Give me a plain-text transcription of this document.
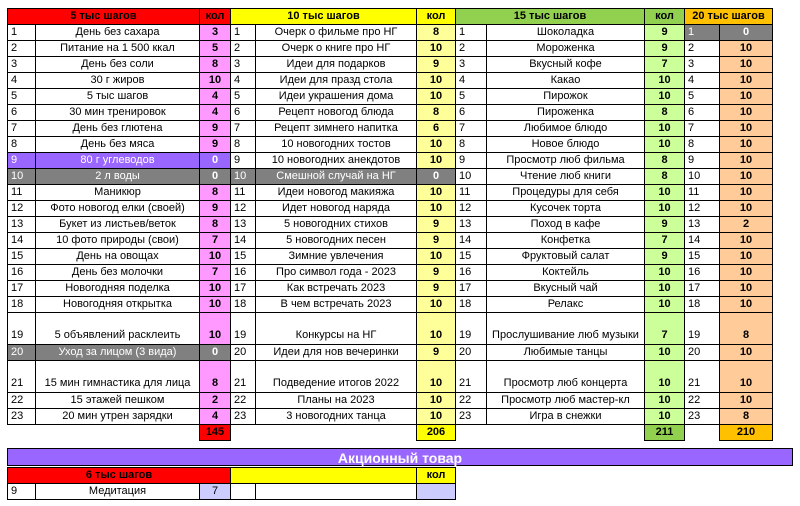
5 тыс шагов		кол	10 тыс шагов		кол	15 тыс шагов		кол	20 тыс шагов	
1	День без сахара	3	1	Очерк о фильме про НГ	8	1	Шоколадка	9	1	0
2	Питание на 1 500 ккал	5	2	Очерк о книге про НГ	10	2	Мороженка	9	2	10
3	День без соли	8	3	Идеи для подарков	9	3	Вкусный кофе	7	3	10
4	30 г жиров	10	4	Идеи для празд стола	10	4	Какао	10	4	10
5	5 тыс шагов	4	5	Идеи украшения дома	10	5	Пирожок	10	5	10
6	30 мин тренировок	4	6	Рецепт новогод блюда	8	6	Пироженка	8	6	10
7	День без глютена	9	7	Рецепт зимнего напитка	6	7	Любимое блюдо	10	7	10
8	День без мяса	9	8	10 новогодних тостов	10	8	Новое блюдо	10	8	10
9	80 г углеводов	0	9	10 новогодних анекдотов	10	9	Просмотр люб фильма	8	9	10
10	2 л воды	0	10	Смешной случай на НГ	0	10	Чтение люб книги	8	10	10
11	Маникюр	8	11	Идеи новогод макияжа	10	11	Процедуры для себя	10	11	10
12	Фото новогод елки (своей)	9	12	Идет новогод наряда	10	12	Кусочек торта	10	12	10
13	Букет из листьев/веток	8	13	5 новогодних стихов	9	13	Поход в кафе	9	13	2
14	10 фото природы (свои)	7	14	5 новогодних песен	9	14	Конфетка	7	14	10
15	День на овощах	10	15	Зимние увлечения	10	15	Фруктовый салат	9	15	10
16	День без молочки	7	16	Про символ года - 2023	9	16	Коктейль	10	16	10
17	Новогодняя поделка	10	17	Как встречать 2023	9	17	Вкусный чай	10	17	10
18	Новогодняя открытка	10	18	В чем встречать 2023	10	18	Релакс	10	18	10
19	5 объявлений расклеить	10	19	Конкурсы на НГ	10	19	Прослушивание люб музыки	7	19	8
20	Уход за лицом (3 вида)	0	20	Идеи для нов вечеринки	9	20	Любимые танцы	10	20	10
21	15 мин гимнастика для лица	8	21	Подведение итогов 2022	10	21	Просмотр люб концерта	10	21	10
22	15 этажей пешком	2	22	Планы на 2023	10	22	Просмотр люб мастер-кл	10	22	10
23	20 мин утрен зарядки	4	23	3 новогодних танца	10	23	Игра в снежки	10	23	8
		145			206			211		210
Акционный товар
6 тыс шагов					кол
9	Медитация	7			
